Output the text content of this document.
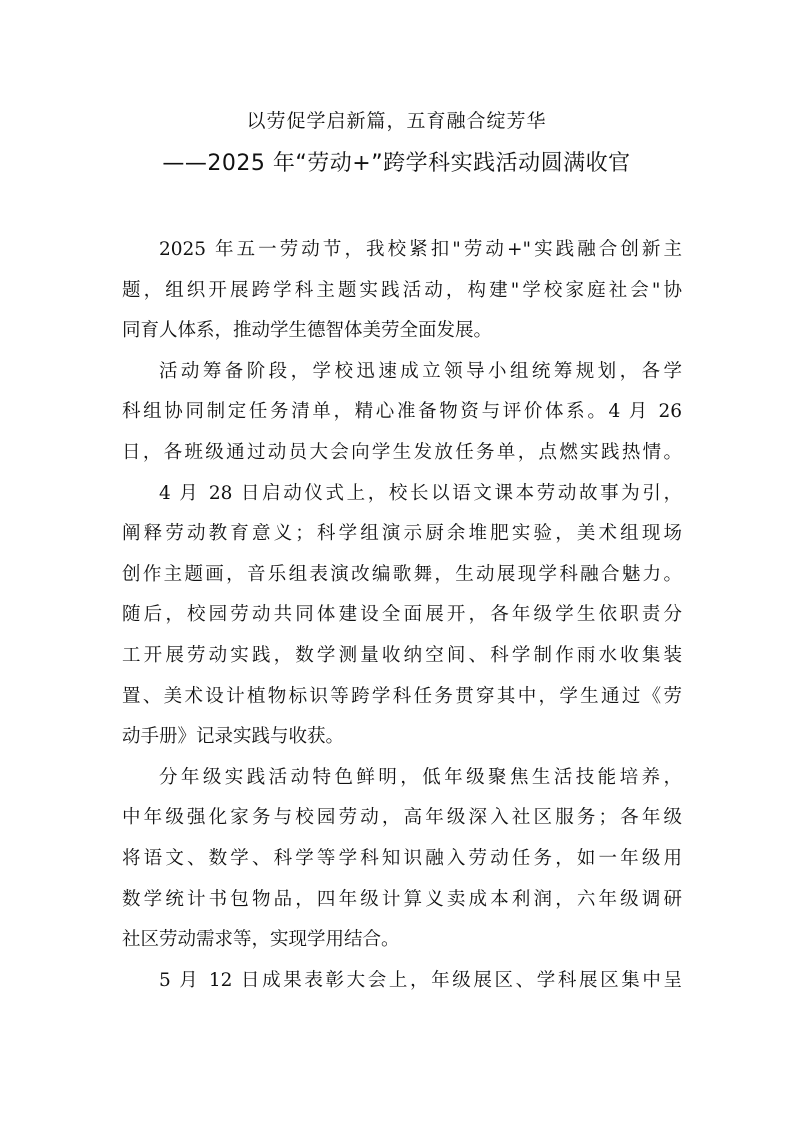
以劳促学启新篇，五育融合绽芳华
——2025 年“劳动+”跨学科实践活动圆满收官
2025 年五一劳动节，我校紧扣"劳动+"实践融合创新主
题，组织开展跨学科主题实践活动，构建"学校家庭社会"协
同育人体系，推动学生德智体美劳全面发展。
活动筹备阶段，学校迅速成立领导小组统筹规划，各学
科组协同制定任务清单，精心准备物资与评价体系。4 月 26
日，各班级通过动员大会向学生发放任务单，点燃实践热情。
4 月 28 日启动仪式上，校长以语文课本劳动故事为引，
阐释劳动教育意义；科学组演示厨余堆肥实验，美术组现场
创作主题画，音乐组表演改编歌舞，生动展现学科融合魅力。
随后，校园劳动共同体建设全面展开，各年级学生依职责分
工开展劳动实践，数学测量收纳空间、科学制作雨水收集装
置、美术设计植物标识等跨学科任务贯穿其中，学生通过《劳
动手册》记录实践与收获。
分年级实践活动特色鲜明，低年级聚焦生活技能培养，
中年级强化家务与校园劳动，高年级深入社区服务；各年级
将语文、数学、科学等学科知识融入劳动任务，如一年级用
数学统计书包物品，四年级计算义卖成本利润，六年级调研
社区劳动需求等，实现学用结合。
5 月 12 日成果表彰大会上，年级展区、学科展区集中呈
